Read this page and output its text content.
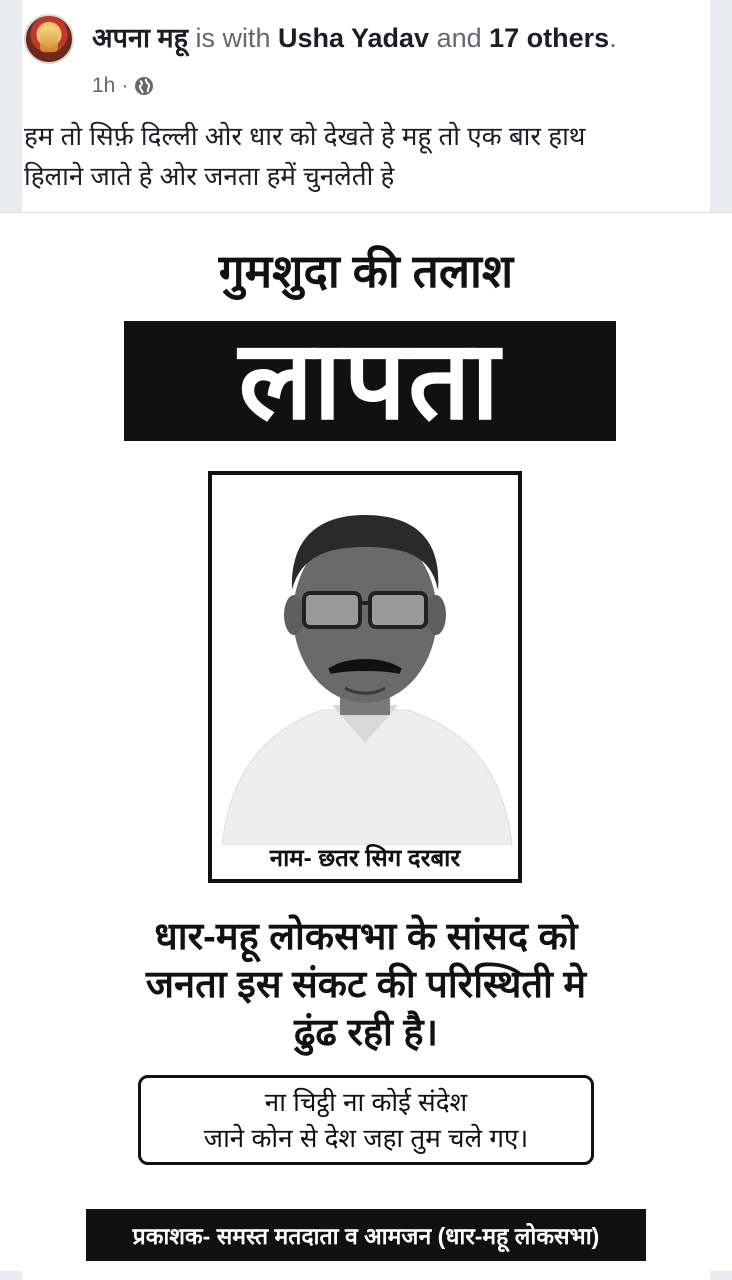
अपना महू is with Usha Yadav and 17 others.
1h ·
हम तो सिर्फ़ दिल्ली ओर धार को देखते हे महू तो एक बार हाथ
हिलाने जाते हे ओर जनता हमें चुनलेती हे
गुमशुदा की तलाश
लापता
नाम- छतर सिग दरबार
धार-महू लोकसभा के सांसद को
जनता इस संकट की परिस्थिती मे
ढुंढ रही है।
ना चिट्ठी ना कोई संदेश
जाने कोन से देश जहा तुम चले गए।
प्रकाशक- समस्त मतदाता व आमजन (धार-महू लोकसभा)
